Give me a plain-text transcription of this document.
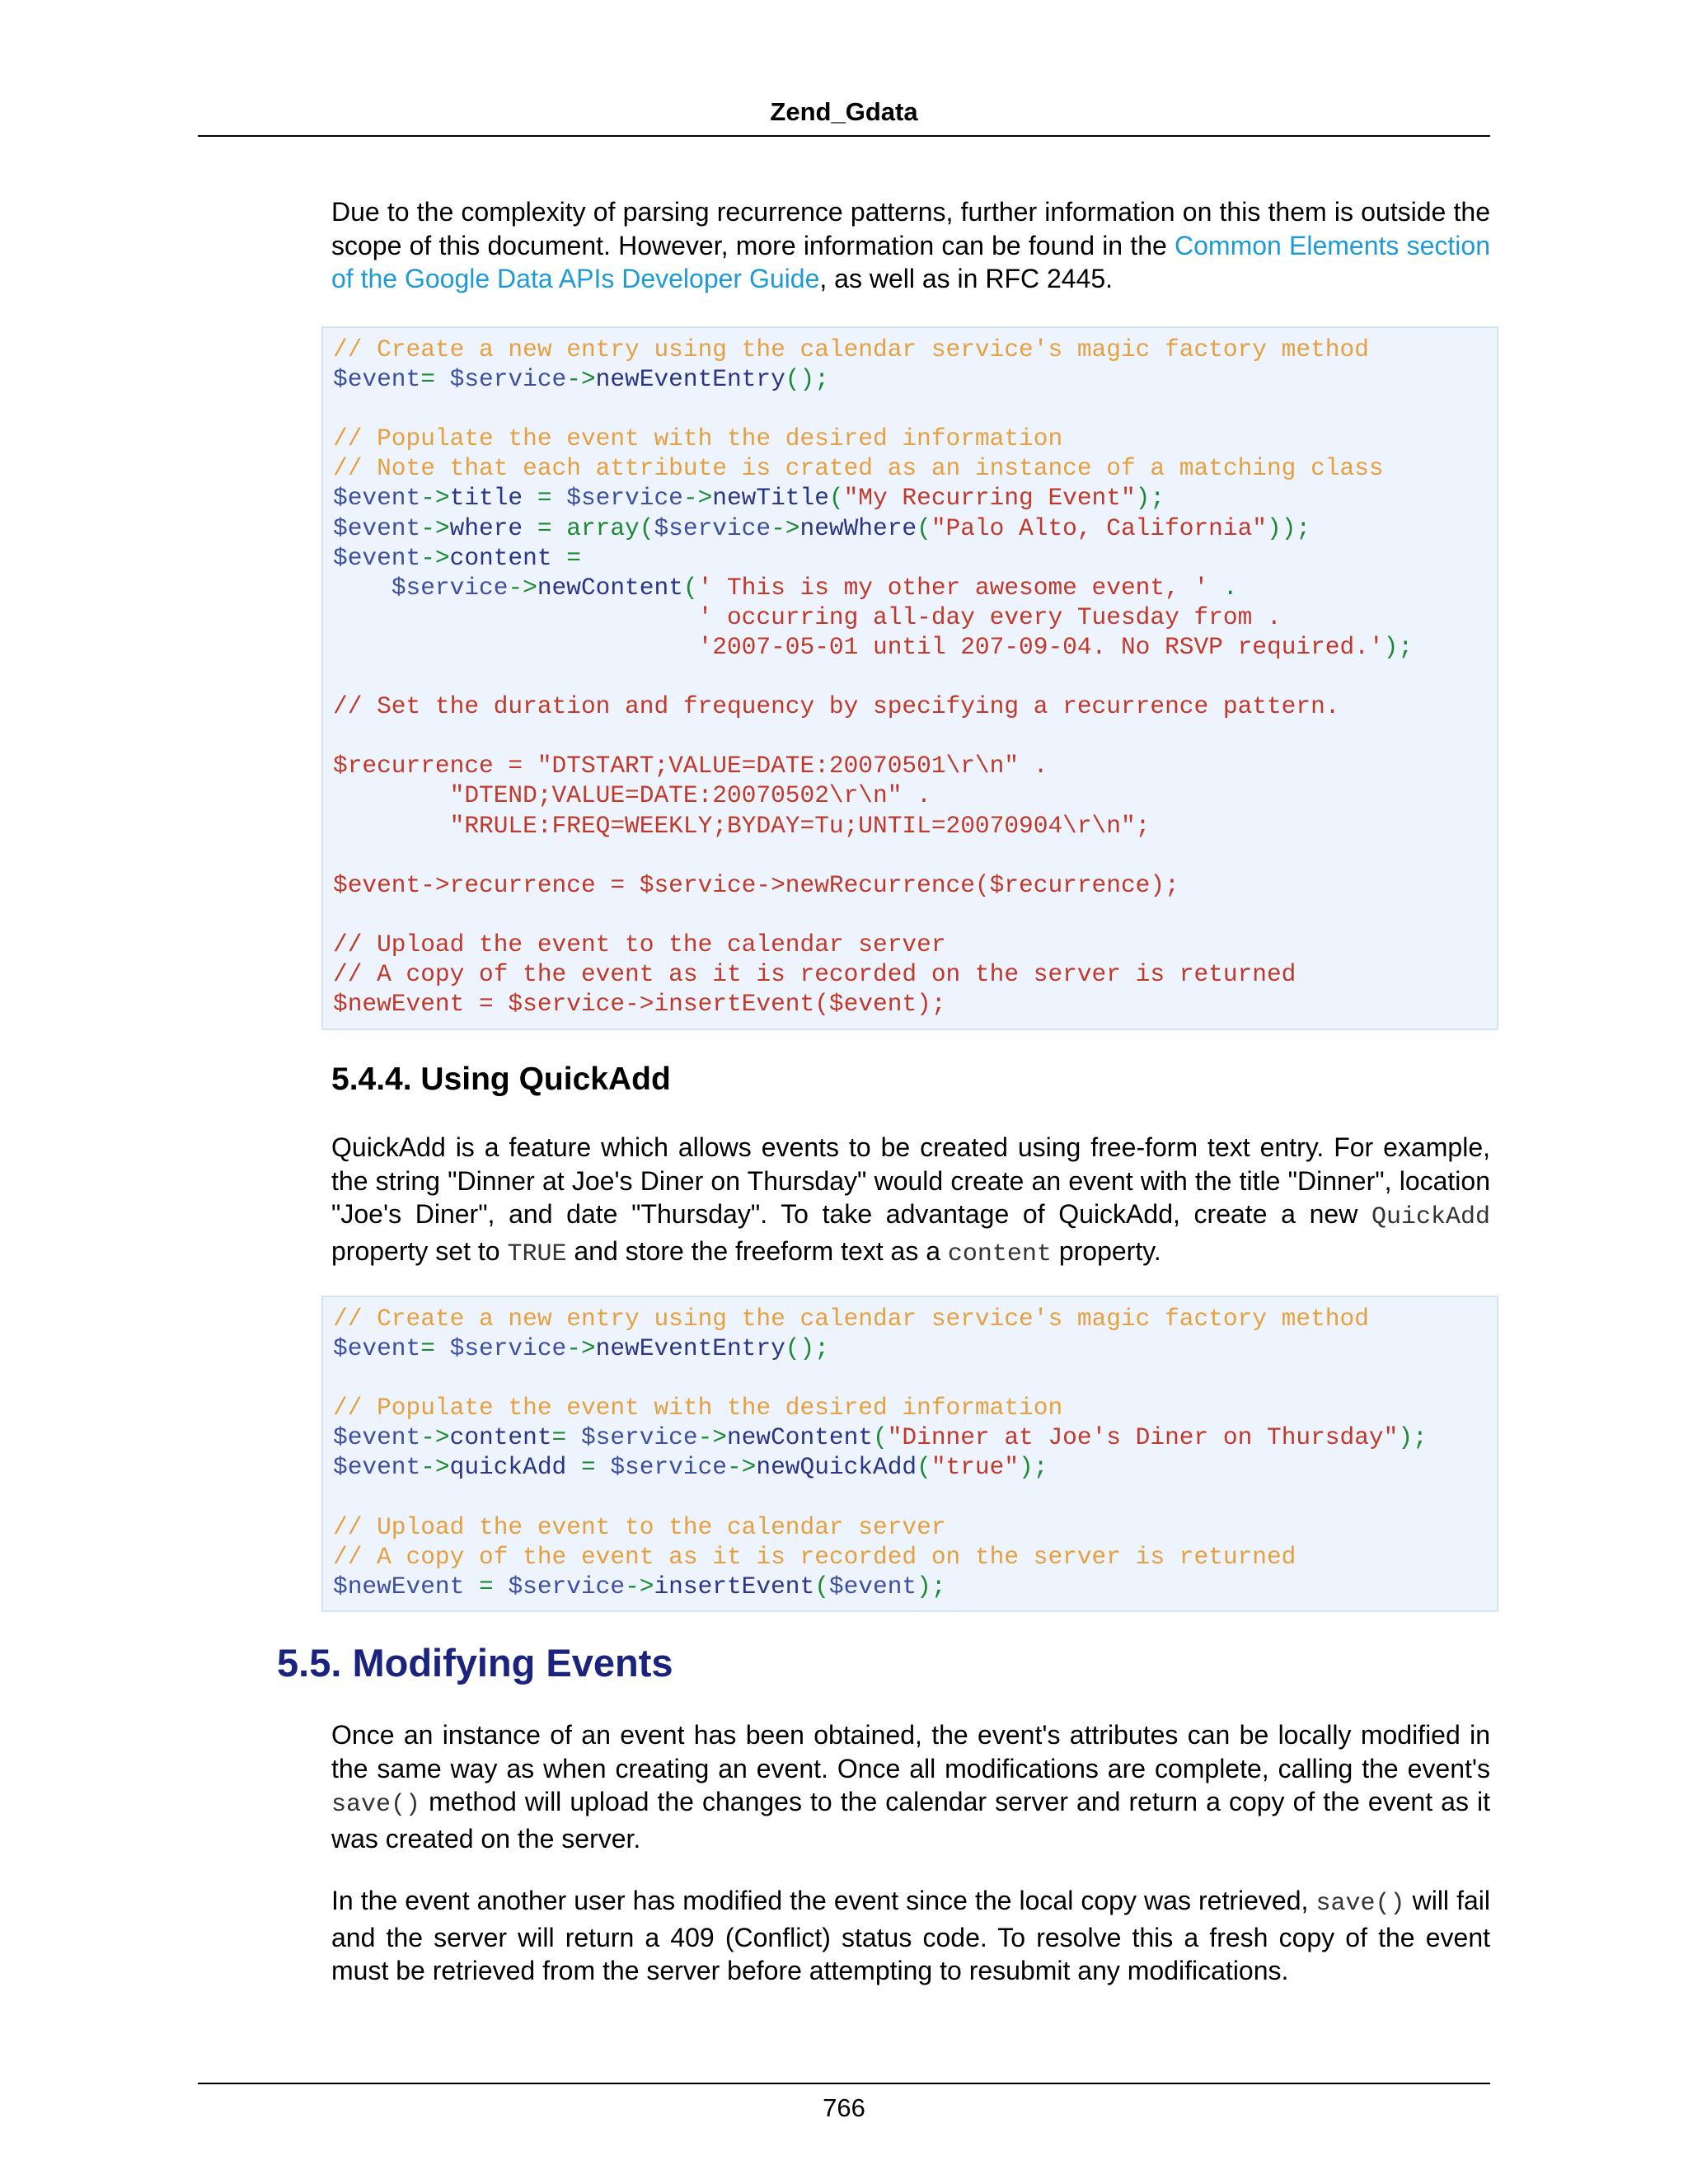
Zend_Gdata

Due to the complexity of parsing recurrence patterns, further information on this them is outside the scope of this document. However, more information can be found in the Common Elements section of the Google Data APIs Developer Guide, as well as in RFC 2445.

// Create a new entry using the calendar service's magic factory method
$event= $service->newEventEntry();
// Populate the event with the desired information
// Note that each attribute is crated as an instance of a matching class
$event->title = $service->newTitle("My Recurring Event");
$event->where = array($service->newWhere("Palo Alto, California"));
$event->content =
$service->newContent(' This is my other awesome event, ' .
' occurring all-day every Tuesday from .
'2007-05-01 until 207-09-04. No RSVP required.');
// Set the duration and frequency by specifying a recurrence pattern.
$recurrence = "DTSTART;VALUE=DATE:20070501\r\n" .
"DTEND;VALUE=DATE:20070502\r\n" .
"RRULE:FREQ=WEEKLY;BYDAY=Tu;UNTIL=20070904\r\n";
$event->recurrence = $service->newRecurrence($recurrence);
// Upload the event to the calendar server
// A copy of the event as it is recorded on the server is returned
$newEvent = $service->insertEvent($event);
5.4.4. Using QuickAdd

QuickAdd is a feature which allows events to be created using free-form text entry. For example, the string "Dinner at Joe's Diner on Thursday" would create an event with the title "Dinner", location "Joe's Diner", and date "Thursday". To take advantage of QuickAdd, create a new QuickAdd property set to TRUE and store the freeform text as a content property.

// Create a new entry using the calendar service's magic factory method
$event= $service->newEventEntry();
// Populate the event with the desired information
$event->content= $service->newContent("Dinner at Joe's Diner on Thursday");
$event->quickAdd = $service->newQuickAdd("true");
// Upload the event to the calendar server
// A copy of the event as it is recorded on the server is returned
$newEvent = $service->insertEvent($event);
5.5. Modifying Events

Once an instance of an event has been obtained, the event's attributes can be locally modified in the same way as when creating an event. Once all modifications are complete, calling the event's save() method will upload the changes to the calendar server and return a copy of the event as it was created on the server.

In the event another user has modified the event since the local copy was retrieved, save() will fail and the server will return a 409 (Conflict) status code. To resolve this a fresh copy of the event must be retrieved from the server before attempting to resubmit any modifications.

766
